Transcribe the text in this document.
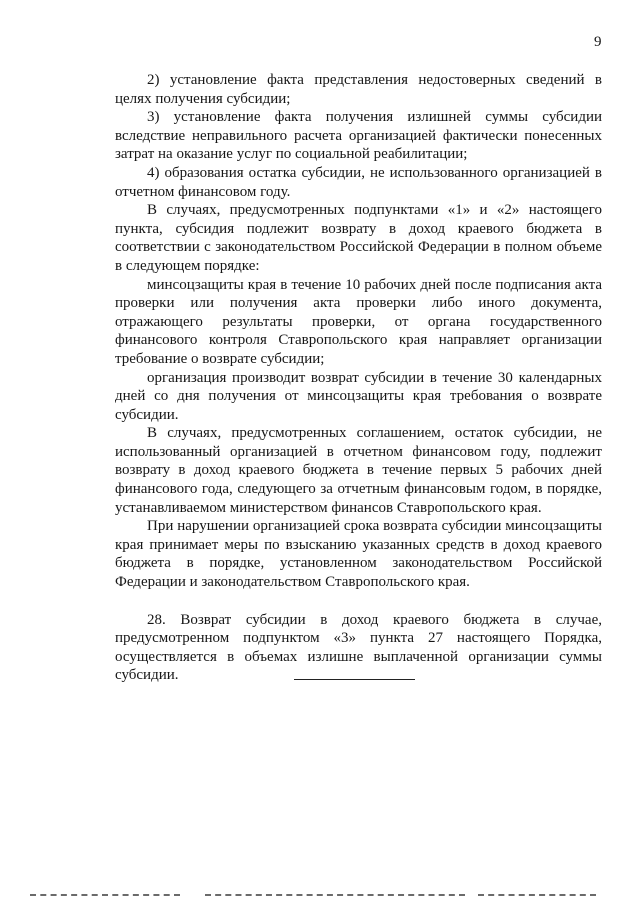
9

2) установление факта представления недостоверных сведений в целях получения субсидии;

3) установление факта получения излишней суммы субсидии вследствие неправильного расчета организацией фактически понесенных затрат на оказание услуг по социальной реабилитации;

4) образования остатка субсидии, не использованного организацией в отчетном финансовом году.

В случаях, предусмотренных подпунктами «1» и «2» настоящего пункта, субсидия подлежит возврату в доход краевого бюджета в соответствии с законодательством Российской Федерации в полном объеме в следующем порядке:

минсоцзащиты края в течение 10 рабочих дней после подписания акта проверки или получения акта проверки либо иного документа, отражающего результаты проверки, от органа государственного финансового контроля Ставропольского края направляет организации требование о возврате субсидии;

организация производит возврат субсидии в течение 30 календарных дней со дня получения от минсоцзащиты края требования о возврате субсидии.

В случаях, предусмотренных соглашением, остаток субсидии, не использованный организацией в отчетном финансовом году, подлежит возврату в доход краевого бюджета в течение первых 5 рабочих дней финансового года, следующего за отчетным финансовым годом, в порядке, устанавливаемом министерством финансов Ставропольского края.

При нарушении организацией срока возврата субсидии минсоцзащиты края принимает меры по взысканию указанных средств в доход краевого бюджета в порядке, установленном законодательством Российской Федерации и законодательством Ставропольского края.

28. Возврат субсидии в доход краевого бюджета в случае, предусмотренном подпунктом «3» пункта 27 настоящего Порядка, осуществляется в объемах излишне выплаченной организации суммы субсидии.
